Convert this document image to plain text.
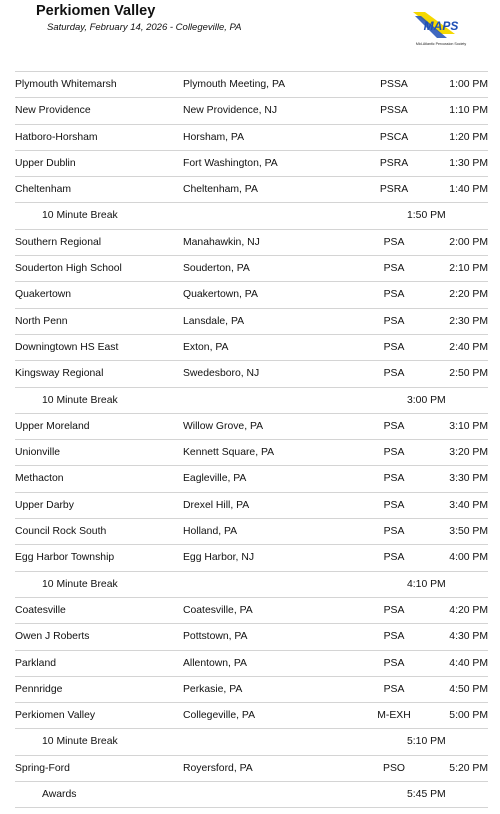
Perkiomen Valley
Saturday, February 14, 2026 - Collegeville, PA	MAPS
Mid-Atlantic Percussion Society
Plymouth Whitemarsh	Plymouth Meeting, PA	PSSA	1:00 PM
New Providence	New Providence, NJ	PSSA	1:10 PM
Hatboro-Horsham	Horsham, PA	PSCA	1:20 PM
Upper Dublin	Fort Washington, PA	PSRA	1:30 PM
Cheltenham	Cheltenham, PA	PSRA	1:40 PM
10 Minute Break	1:50 PM
Southern Regional	Manahawkin, NJ	PSA	2:00 PM
Souderton High School	Souderton, PA	PSA	2:10 PM
Quakertown	Quakertown, PA	PSA	2:20 PM
North Penn	Lansdale, PA	PSA	2:30 PM
Downingtown HS East	Exton, PA	PSA	2:40 PM
Kingsway Regional	Swedesboro, NJ	PSA	2:50 PM
10 Minute Break	3:00 PM
Upper Moreland	Willow Grove, PA	PSA	3:10 PM
Unionville	Kennett Square, PA	PSA	3:20 PM
Methacton	Eagleville, PA	PSA	3:30 PM
Upper Darby	Drexel Hill, PA	PSA	3:40 PM
Council Rock South	Holland, PA	PSA	3:50 PM
Egg Harbor Township	Egg Harbor, NJ	PSA	4:00 PM
10 Minute Break	4:10 PM
Coatesville	Coatesville, PA	PSA	4:20 PM
Owen J Roberts	Pottstown, PA	PSA	4:30 PM
Parkland	Allentown, PA	PSA	4:40 PM
Pennridge	Perkasie, PA	PSA	4:50 PM
Perkiomen Valley	Collegeville, PA	M-EXH	5:00 PM
10 Minute Break	5:10 PM
Spring-Ford	Royersford, PA	PSO	5:20 PM
Awards	5:45 PM
